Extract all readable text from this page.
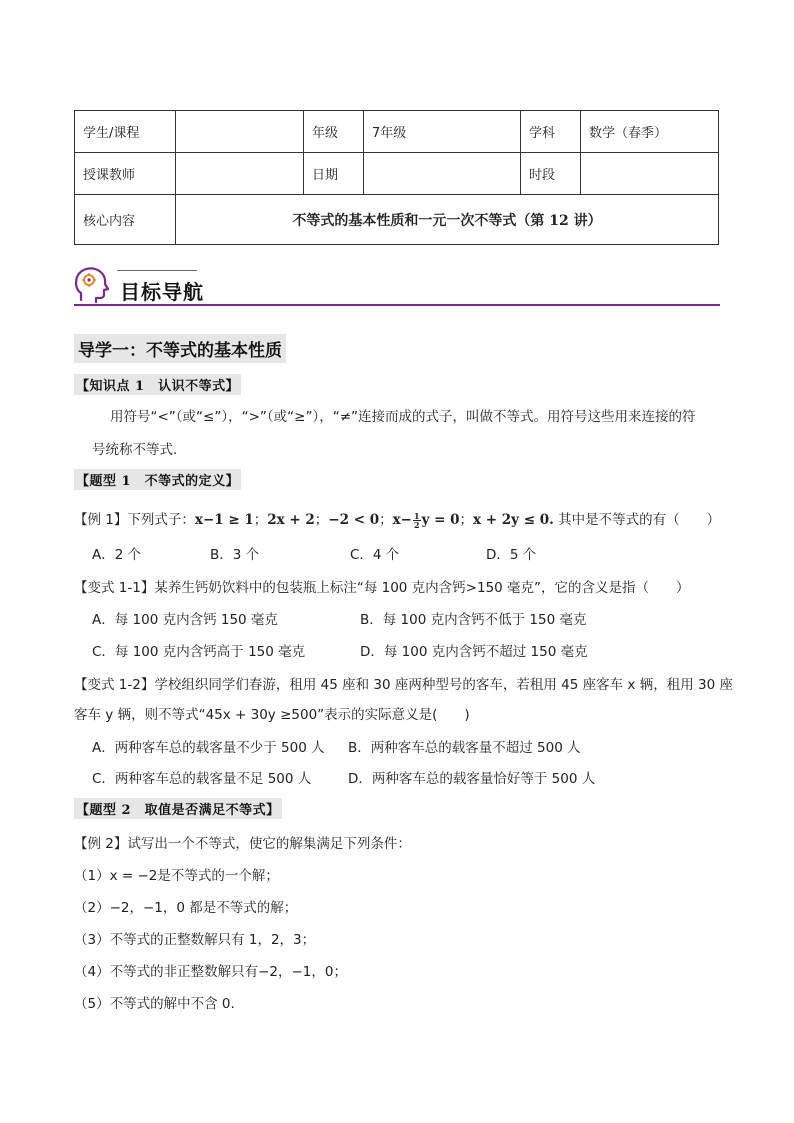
学生/课程		年级	7年级	学科	数学（春季）
授课教师		日期		时段	
核心内容	不等式的基本性质和一元一次不等式（第 12 讲）				
目标导航
导学一：不等式的基本性质
【知识点 1　认识不等式】
用符号“<”（或“≤”），“>”（或“≥”），“≠”连接而成的式子，叫做不等式。用符号这些用来连接的符
号统称不等式.
【题型 1　不等式的定义】
【例 1】下列式子：x−1 ≥ 1；2x + 2；−2 < 0；$x- \frac{1}{2}$ y = 0；x + 2y ≤ 0. 其中是不等式的有（　　）
A．2 个	B．3 个	C．4 个	D．5 个
【变式 1-1】某养生钙奶饮料中的包装瓶上标注“每 100 克内含钙>150 毫克”，它的含义是指（　　）
A．每 100 克内含钙 150 毫克	B．每 100 克内含钙不低于 150 毫克
C．每 100 克内含钙高于 150 毫克	D．每 100 克内含钙不超过 150 毫克
【变式 1-2】学校组织同学们春游，租用 45 座和 30 座两种型号的客车，若租用 45 座客车 x 辆，租用 30 座
客车 y 辆，则不等式“45x + 30y ≥500”表示的实际意义是(　　)
A．两种客车总的载客量不少于 500 人 B．两种客车总的载客量不超过 500 人
C．两种客车总的载客量不足 500 人	D．两种客车总的载客量恰好等于 500 人
【题型 2　取值是否满足不等式】
【例 2】试写出一个不等式，使它的解集满足下列条件：
（1）x = −2是不等式的一个解；
（2）−2，−1，0 都是不等式的解；
（3）不等式的正整数解只有 1，2，3；
（4）不等式的非正整数解只有−2，−1，0；
（5）不等式的解中不含 0.
